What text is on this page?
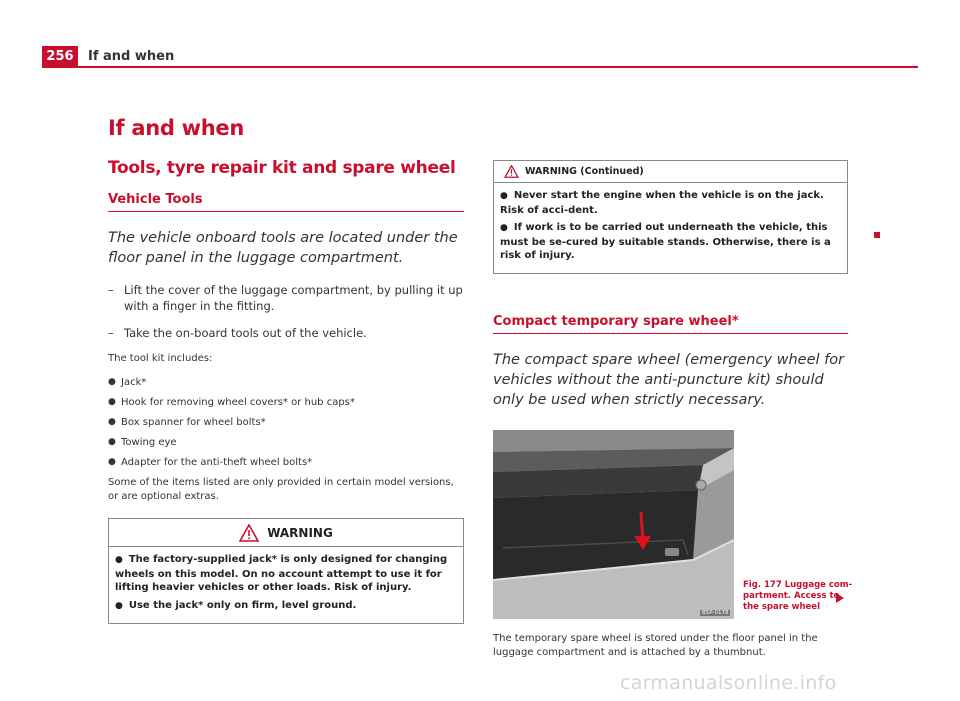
256	If and when
If and when
Tools, tyre repair kit and spare wheel
Vehicle Tools

The vehicle onboard tools are located under the floor panel in the luggage compartment.

– Lift the cover of the luggage compartment, by pulling it up with a finger in the fitting.
– Take the on-board tools out of the vehicle.

The tool kit includes:

● Jack*
● Hook for removing wheel covers* or hub caps*
● Box spanner for wheel bolts*
● Towing eye
● Adapter for the anti-theft wheel bolts*

Some of the items listed are only provided in certain model versions, or are optional extras.

WARNING

● The factory-supplied jack* is only designed for changing wheels on this model. On no account attempt to use it for lifting heavier vehicles or other loads. Risk of injury.

● Use the jack* only on firm, level ground.

WARNING (Continued)

● Never start the engine when the vehicle is on the jack. Risk of acci-dent.

● If work is to be carried out underneath the vehicle, this must be se-cured by suitable stands. Otherwise, there is a risk of injury.

Compact temporary spare wheel*

The compact spare wheel (emergency wheel for vehicles without the anti-puncture kit) should only be used when strictly necessary.

B5P-0178
Fig. 177 Luggage com-partment. Access to the spare wheel

The temporary spare wheel is stored under the floor panel in the luggage compartment and is attached by a thumbnut.

carmanualsonline.info
